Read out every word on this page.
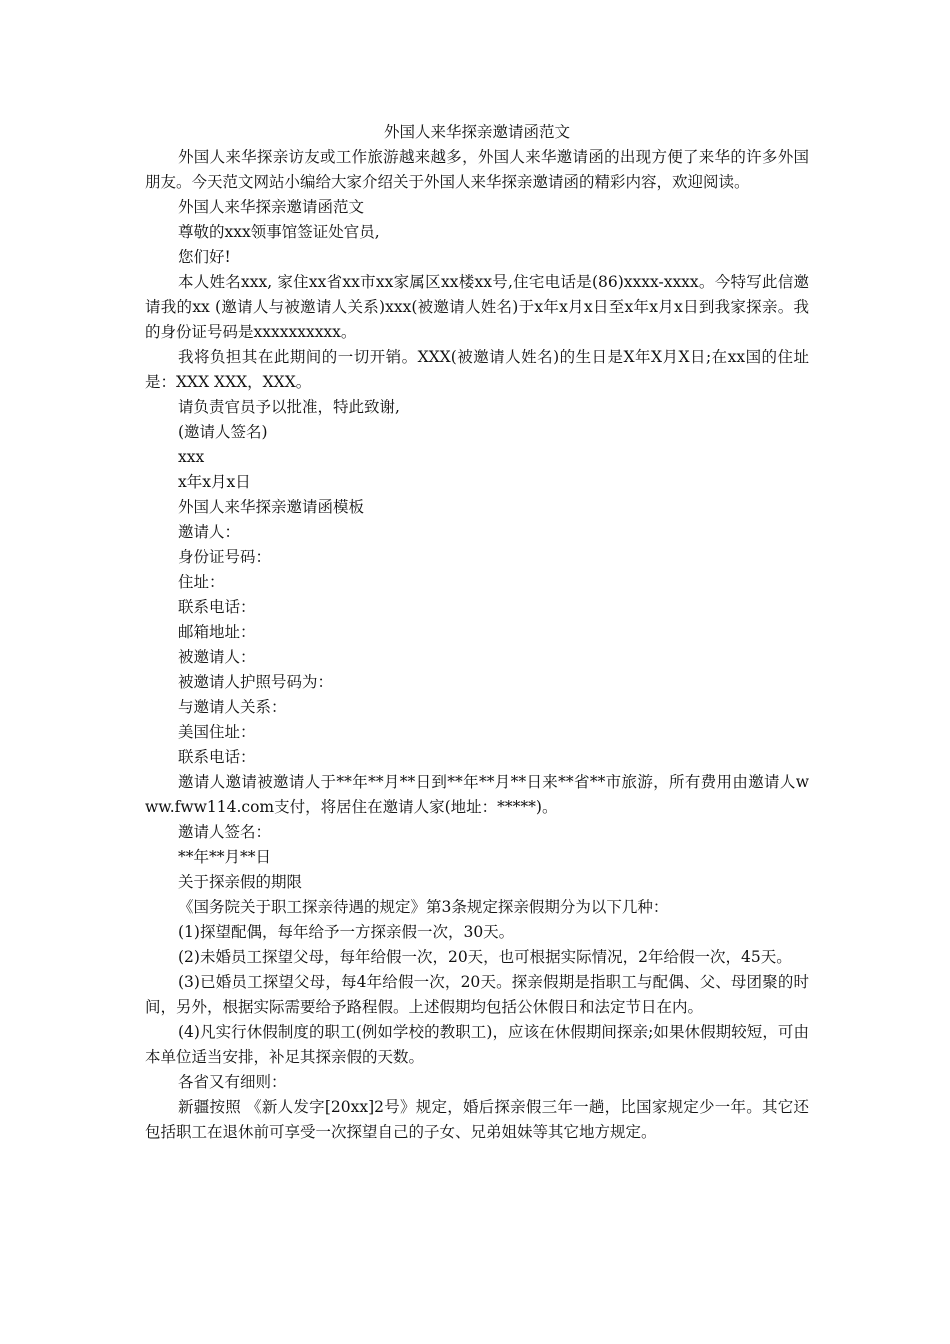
外国人来华探亲邀请函范文

外国人来华探亲访友或工作旅游越来越多，外国人来华邀请函的出现方便了来华的许多外国朋友。今天范文网站小编给大家介绍关于外国人来华探亲邀请函的精彩内容，欢迎阅读。

外国人来华探亲邀请函范文

尊敬的xxx领事馆签证处官员,

您们好!

本人姓名xxx, 家住xx省xx市xx家属区xx楼xx号,住宅电话是(86)xxxx-xxxx。今特写此信邀请我的xx (邀请人与被邀请人关系)xxx(被邀请人姓名)于x年x月x日至x年x月x日到我家探亲。我的身份证号码是xxxxxxxxxx。

我将负担其在此期间的一切开销。XXX(被邀请人姓名)的生日是X年X月X日;在xx国的住址是：XXX XXX，XXX。

请负责官员予以批准，特此致谢,

(邀请人签名)

xxx

x年x月x日

外国人来华探亲邀请函模板

邀请人：

身份证号码：

住址：

联系电话：

邮箱地址：

被邀请人：

被邀请人护照号码为：

与邀请人关系：

美国住址：

联系电话：

邀请人邀请被邀请人于**年**月**日到**年**月**日来**省**市旅游，所有费用由邀请人www.fww114.com支付，将居住在邀请人家(地址：*****)。

邀请人签名：

**年**月**日

关于探亲假的期限

《国务院关于职工探亲待遇的规定》第3条规定探亲假期分为以下几种：

(1)探望配偶，每年给予一方探亲假一次，30天。

(2)未婚员工探望父母，每年给假一次，20天，也可根据实际情况，2年给假一次，45天。

(3)已婚员工探望父母，每4年给假一次，20天。探亲假期是指职工与配偶、父、母团聚的时间，另外，根据实际需要给予路程假。上述假期均包括公休假日和法定节日在内。

(4)凡实行休假制度的职工(例如学校的教职工)，应该在休假期间探亲;如果休假期较短，可由本单位适当安排，补足其探亲假的天数。

各省又有细则：

新疆按照 《新人发字[20xx]2号》规定，婚后探亲假三年一趟，比国家规定少一年。其它还包括职工在退休前可享受一次探望自己的子女、兄弟姐妹等其它地方规定。
